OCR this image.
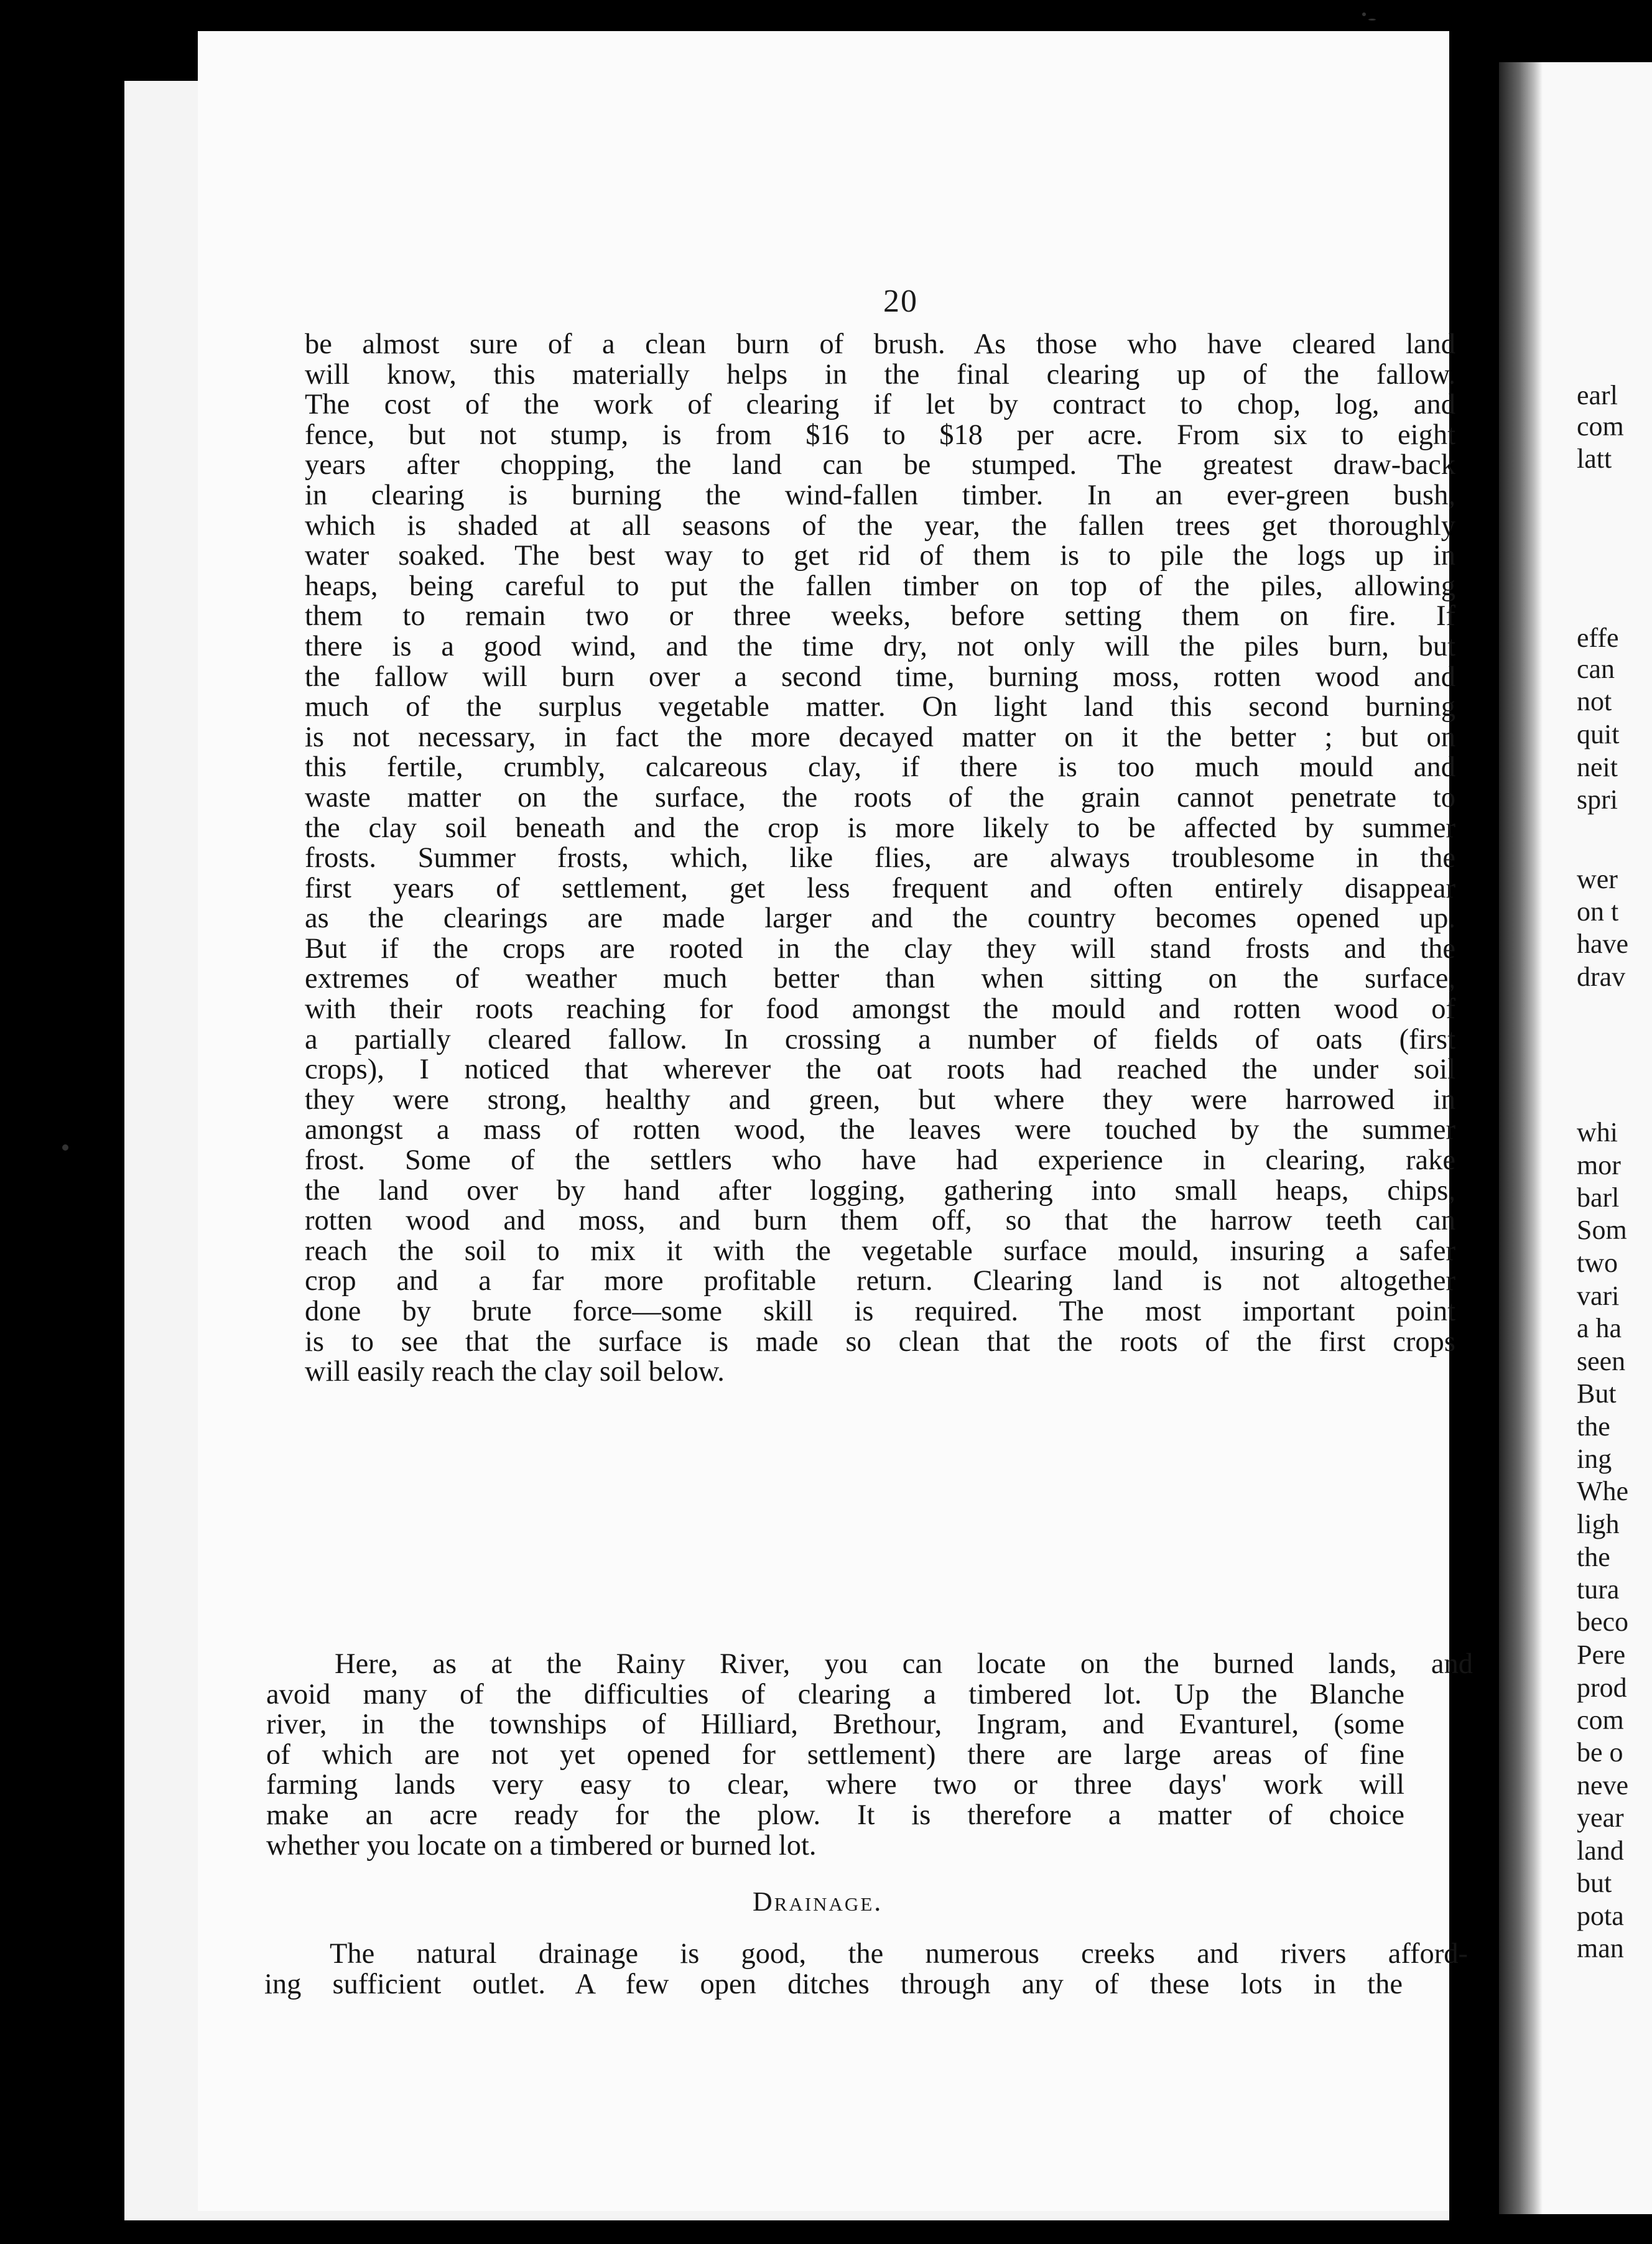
20
be almost sure of a clean burn of brush. As those who have cleared land
will know, this materially helps in the final clearing up of the fallow.
The cost of the work of clearing if let by contract to chop, log, and
fence, but not stump, is from $16 to $18 per acre. From six to eight
years after chopping, the land can be stumped. The greatest draw-back
in clearing is burning the wind-fallen timber. In an ever-green bush,
which is shaded at all seasons of the year, the fallen trees get thoroughly
water soaked. The best way to get rid of them is to pile the logs up in
heaps, being careful to put the fallen timber on top of the piles, allowing
them to remain two or three weeks, before setting them on fire. If
there is a good wind, and the time dry, not only will the piles burn, but
the fallow will burn over a second time, burning moss, rotten wood and
much of the surplus vegetable matter. On light land this second burning
is not necessary, in fact the more decayed matter on it the better ; but on
this fertile, crumbly, calcareous clay, if there is too much mould and
waste matter on the surface, the roots of the grain cannot penetrate to
the clay soil beneath and the crop is more likely to be affected by summer
frosts. Summer frosts, which, like flies, are always troublesome in the
first years of settlement, get less frequent and often entirely disappear
as the clearings are made larger and the country becomes opened up.
But if the crops are rooted in the clay they will stand frosts and the
extremes of weather much better than when sitting on the surface,
with their roots reaching for food amongst the mould and rotten wood of
a partially cleared fallow. In crossing a number of fields of oats (first
crops), I noticed that wherever the oat roots had reached the under soil
they were strong, healthy and green, but where they were harrowed in
amongst a mass of rotten wood, the leaves were touched by the summer
frost. Some of the settlers who have had experience in clearing, rake
the land over by hand after logging, gathering into small heaps, chips,
rotten wood and moss, and burn them off, so that the harrow teeth can
reach the soil to mix it with the vegetable surface mould, insuring a safer
crop and a far more profitable return. Clearing land is not altogether
done by brute force—some skill is required. The most important point
is to see that the surface is made so clean that the roots of the first crops
will easily reach the clay soil below.
Here, as at the Rainy River, you can locate on the burned lands, and
avoid many of the difficulties of clearing a timbered lot. Up the Blanche
river, in the townships of Hilliard, Brethour, Ingram, and Evanturel, (some
of which are not yet opened for settlement) there are large areas of fine
farming lands very easy to clear, where two or three days' work will
make an acre ready for the plow. It is therefore a matter of choice
whether you locate on a timbered or burned lot.
Drainage.
The natural drainage is good, the numerous creeks and rivers afford-
ing sufficient outlet. A few open ditches through any of these lots in the
earl
com
latt
effe
can
not
quit
neit
spri
wer
on t
have
drav
whi
mor
barl
Som
two
vari
a ha
seen
But
the
ing
Whe
ligh
the
tura
beco
Pere
prod
com
be o
neve
year
land
but
pota
man
